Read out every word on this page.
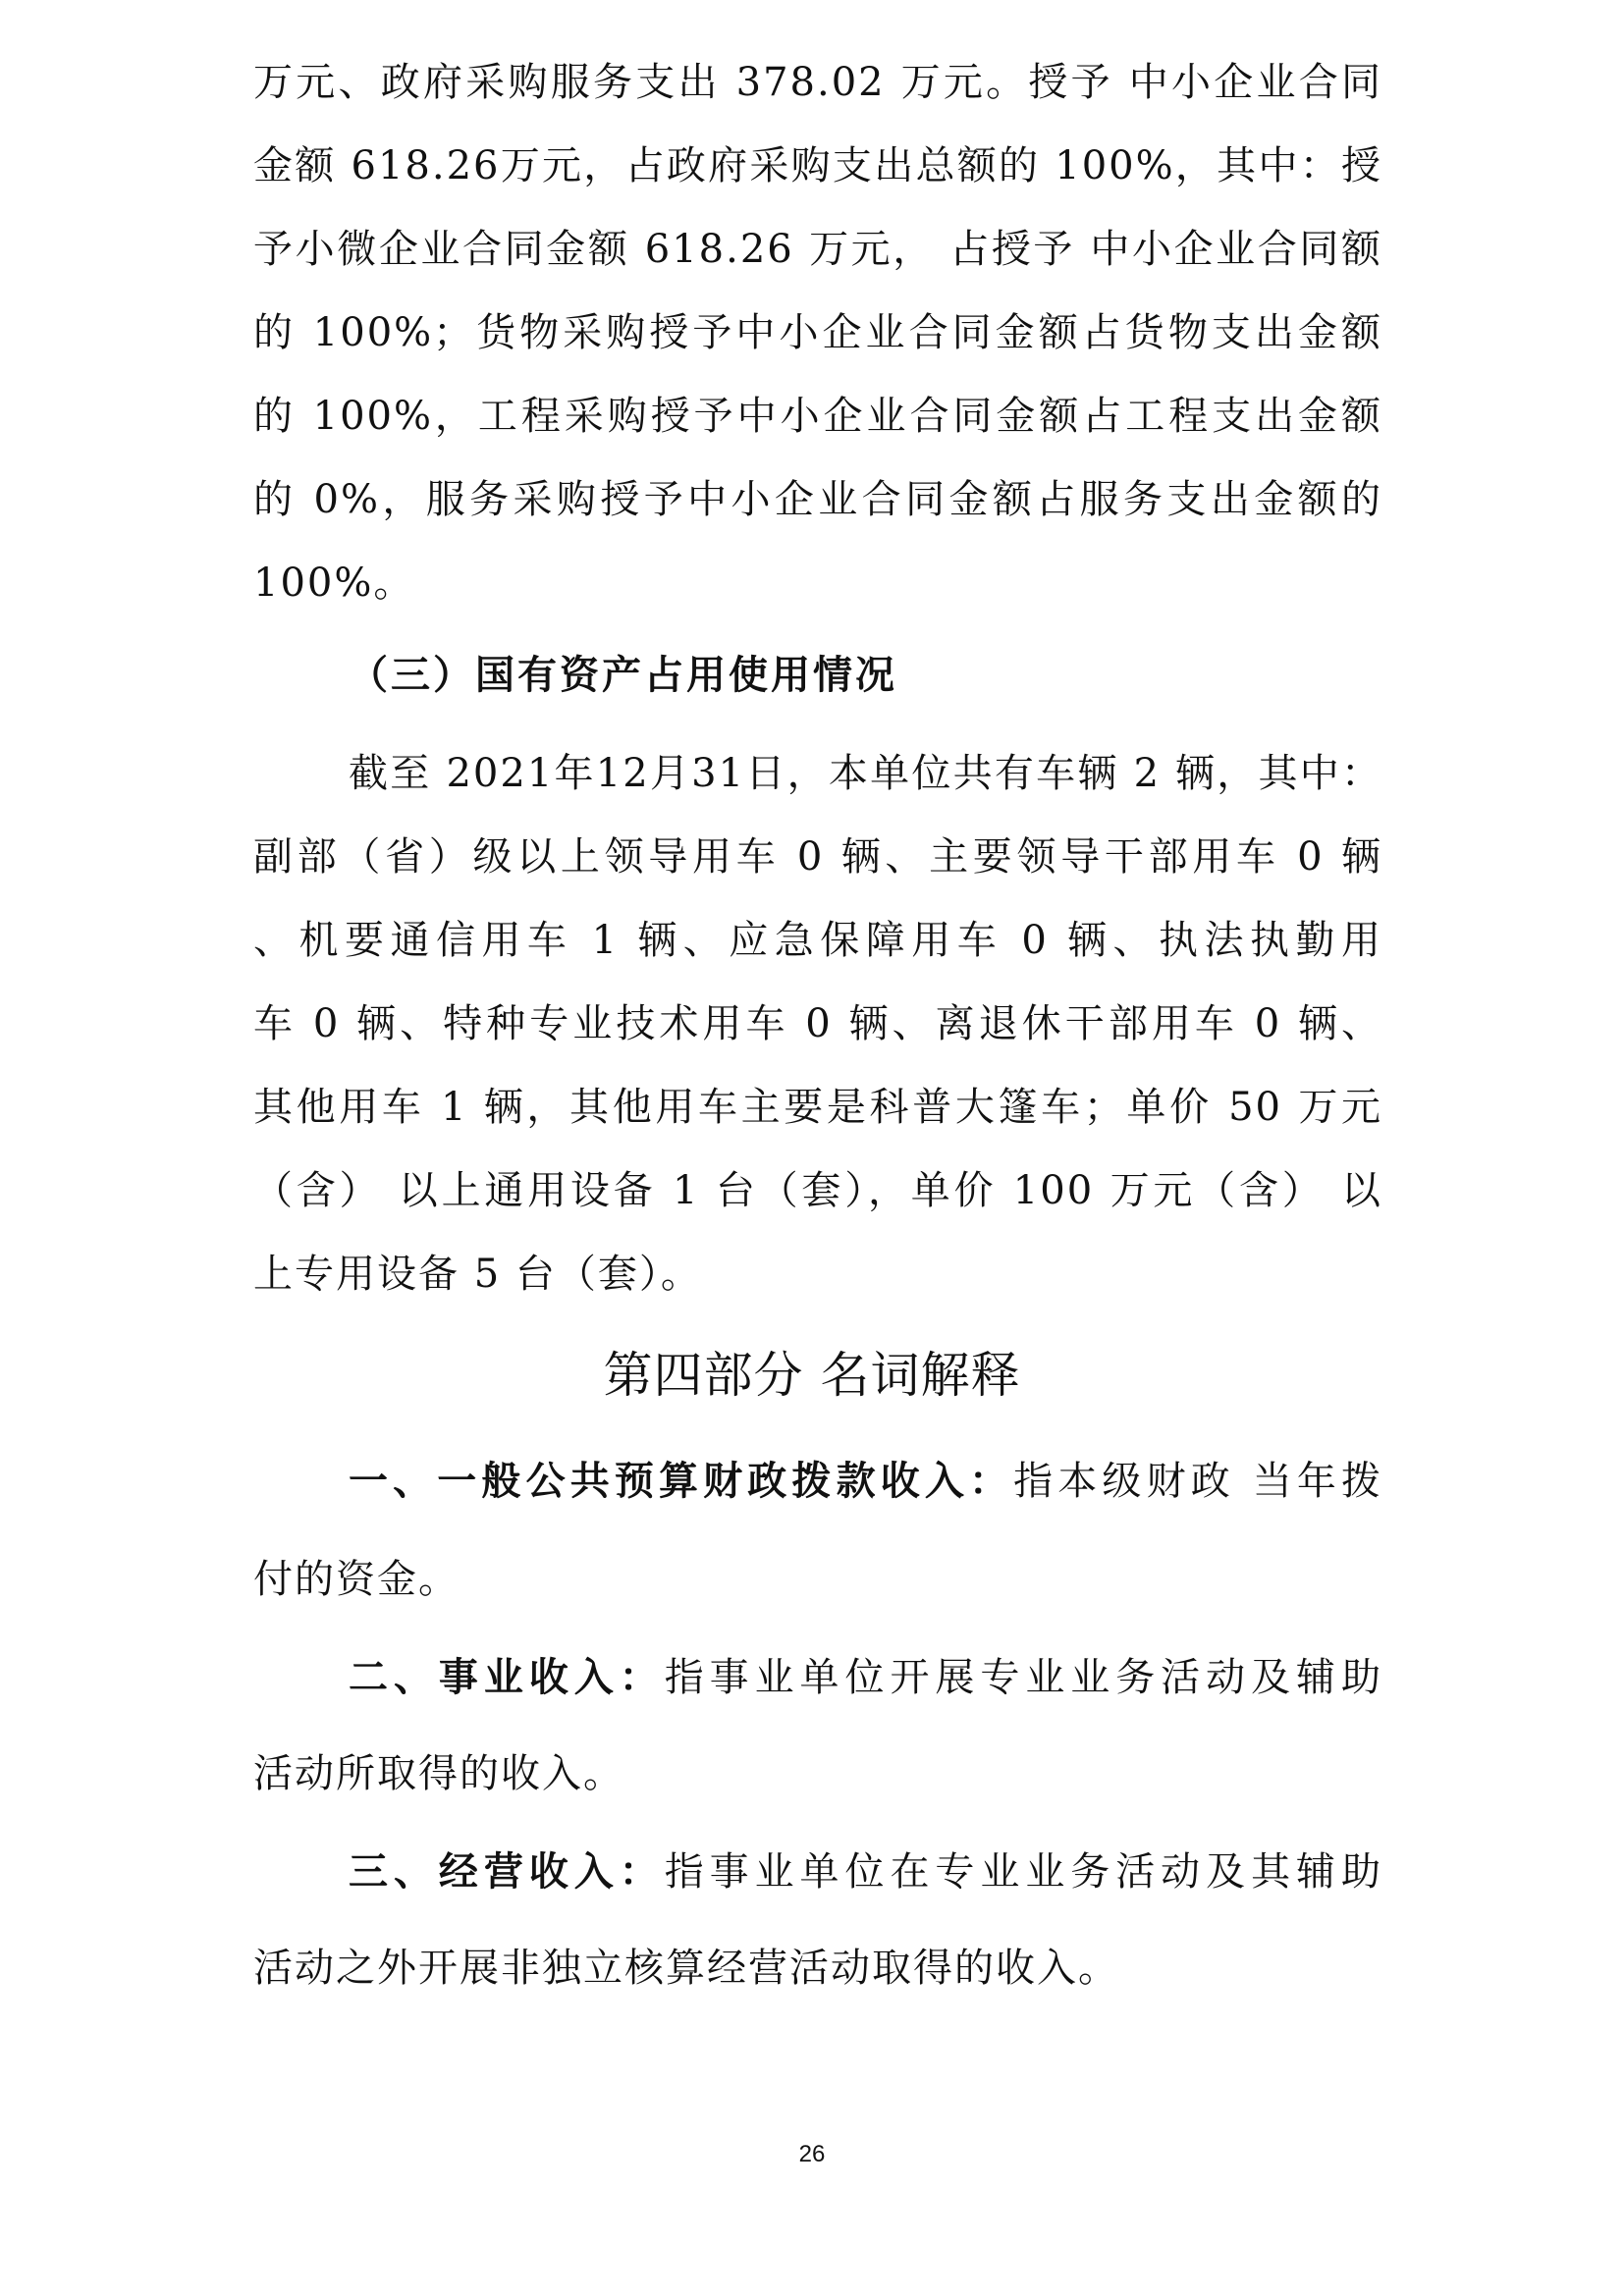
万元、政府采购服务支出 378.02 万元。授予 中小企业合同
金额 618.26万元，占政府采购支出总额的 100%，其中：授
予小微企业合同金额 618.26 万元， 占授予 中小企业合同额
的 100%；货物采购授予中小企业合同金额占货物支出金额
的 100%，工程采购授予中小企业合同金额占工程支出金额
的 0%，服务采购授予中小企业合同金额占服务支出金额的
100%。
（三）国有资产占用使用情况
截至 2021年12月31日，本单位共有车辆 2 辆，其中：
副部（省）级以上领导用车 0 辆、主要领导干部用车 0 辆
、机要通信用车 1 辆、应急保障用车 0 辆、执法执勤用
车 0 辆、特种专业技术用车 0 辆、离退休干部用车 0 辆、
其他用车 1 辆，其他用车主要是科普大篷车；单价 50 万元
（含） 以上通用设备 1 台（套），单价 100 万元（含） 以
上专用设备 5 台（套）。
第四部分 名词解释
一、一般公共预算财政拨款收入：指本级财政 当年拨
付的资金。
二、事业收入：指事业单位开展专业业务活动及辅助
活动所取得的收入。
三、经营收入：指事业单位在专业业务活动及其辅助
活动之外开展非独立核算经营活动取得的收入。
26
